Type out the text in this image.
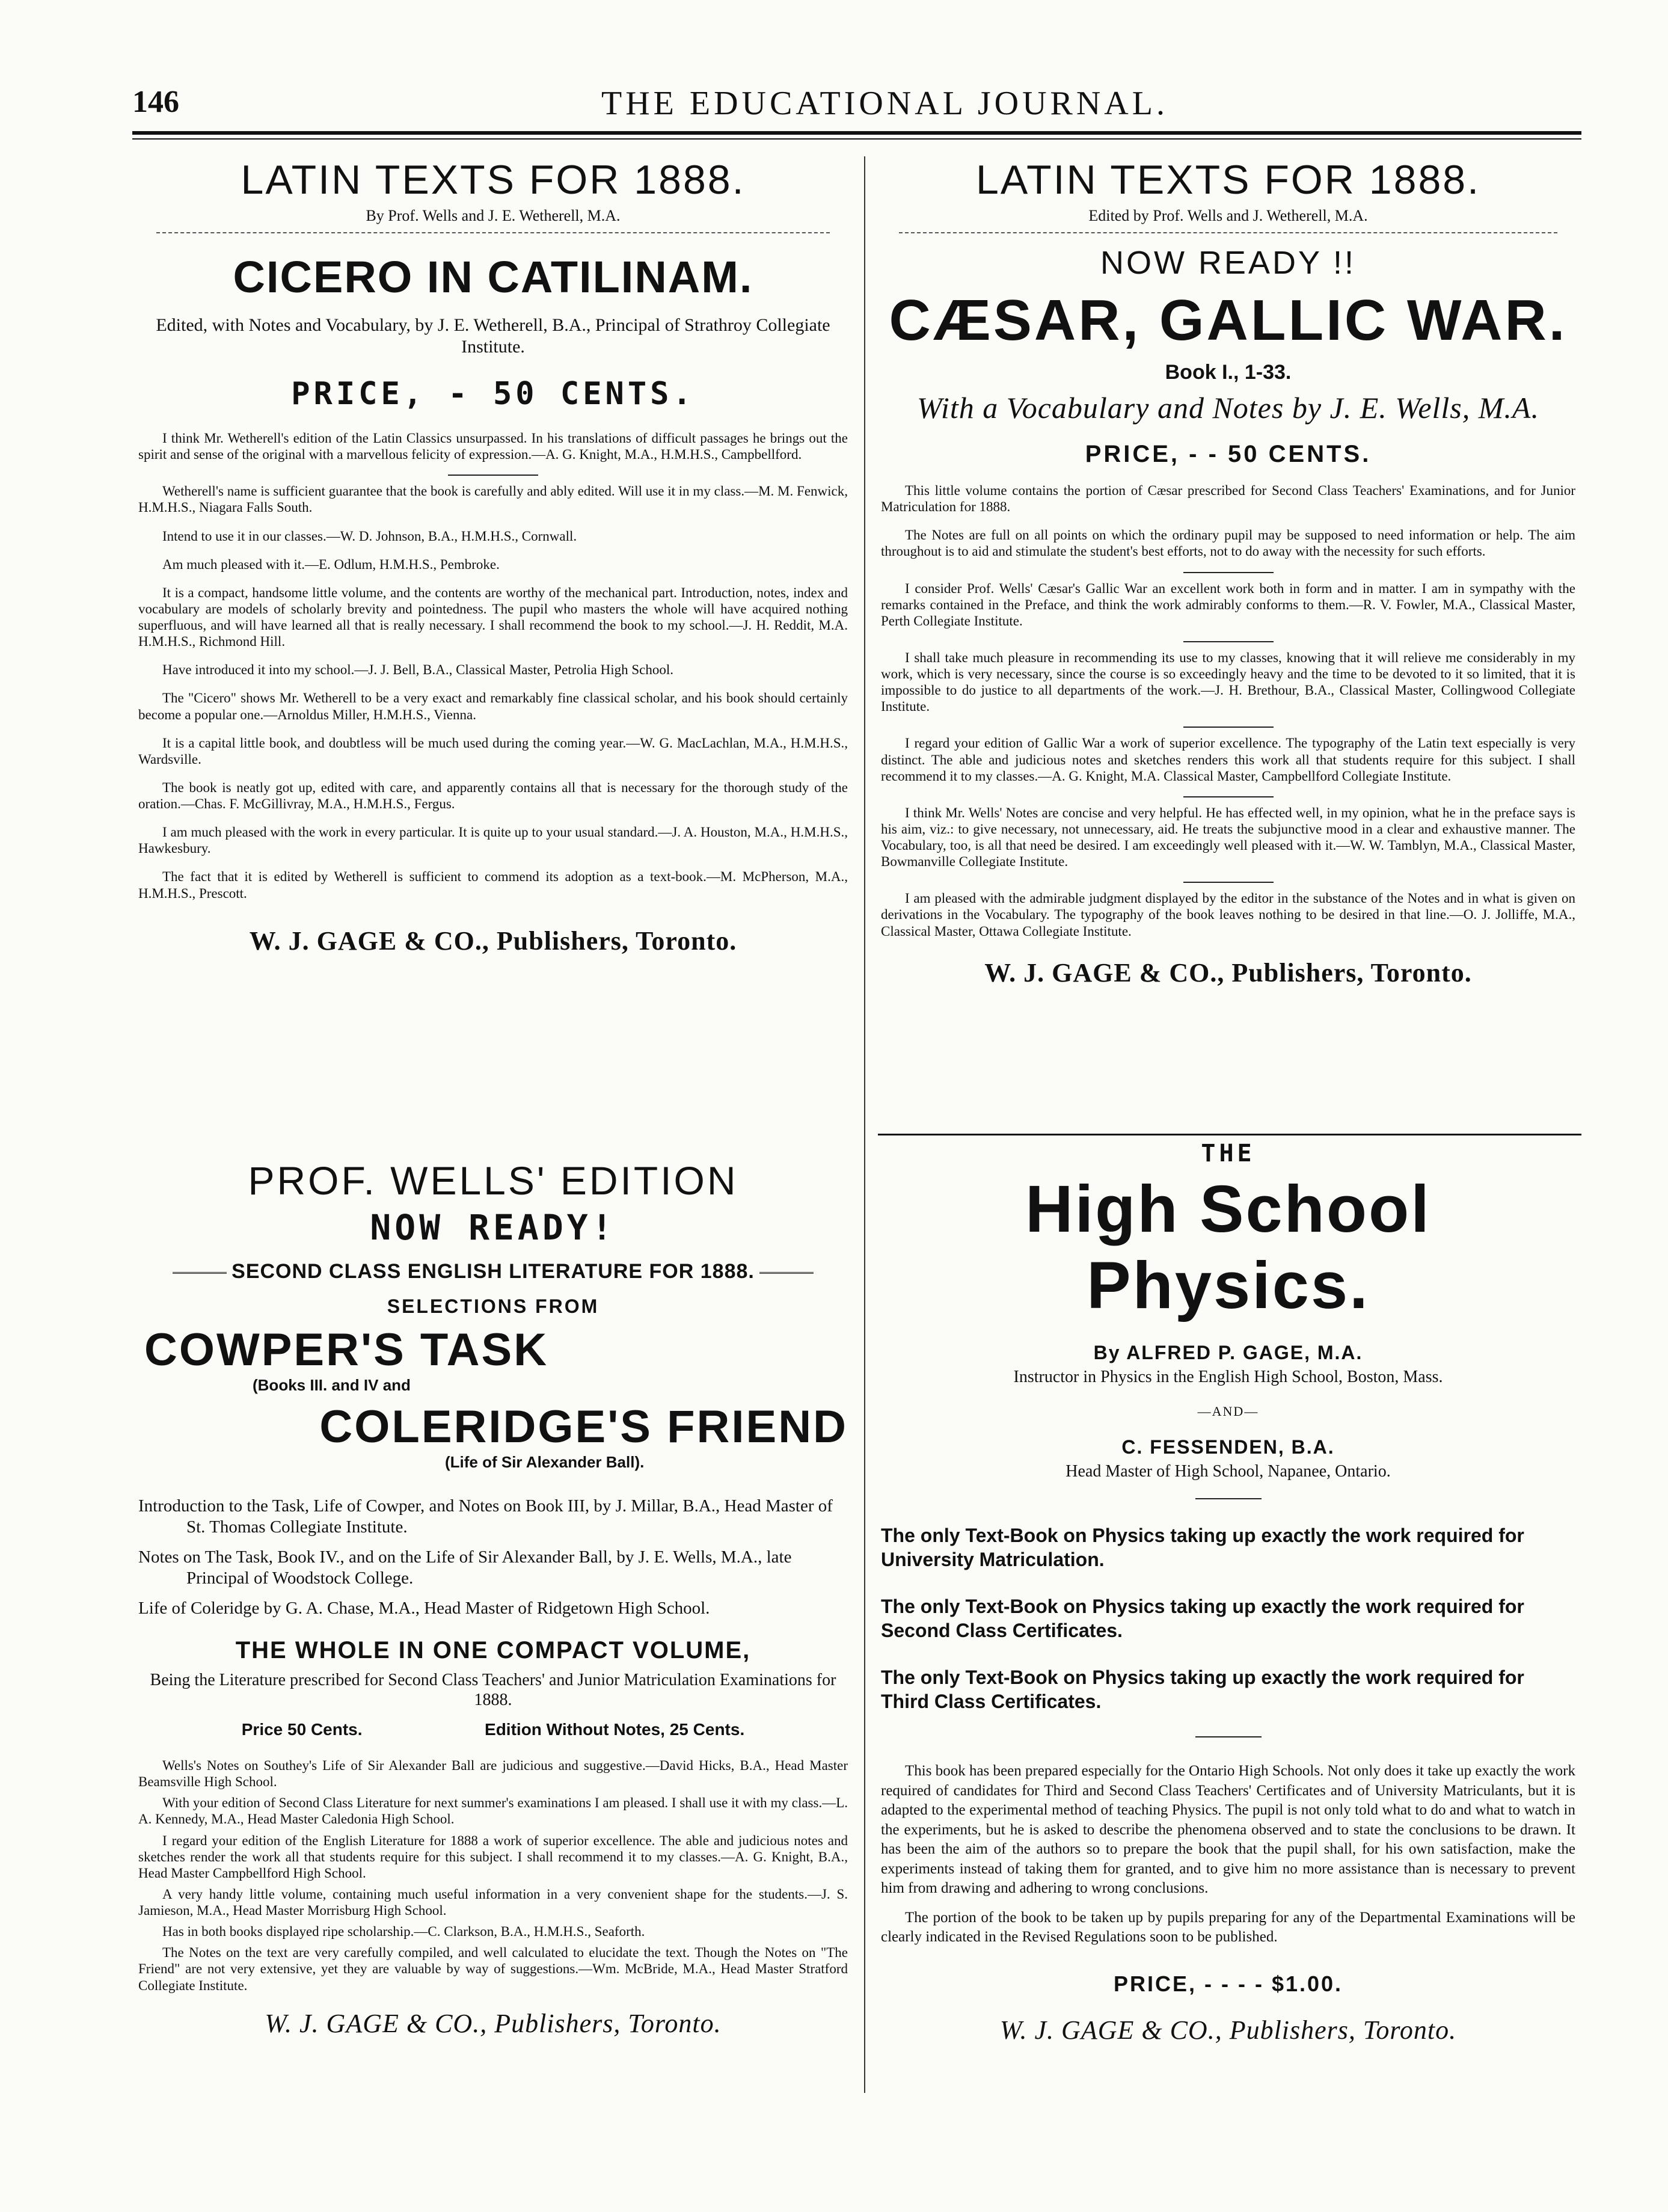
146	THE EDUCATIONAL JOURNAL.
LATIN TEXTS FOR 1888.
By Prof. Wells and J. E. Wetherell, M.A.
CICERO IN CATILINAM.
Edited, with Notes and Vocabulary, by J. E. Wetherell, B.A., Principal of Strathroy Collegiate Institute.
PRICE, - 50 CENTS.

I think Mr. Wetherell's edition of the Latin Classics unsurpassed. In his translations of difficult passages he brings out the spirit and sense of the original with a marvellous felicity of expression.—A. G. Knight, M.A., H.M.H.S., Campbellford.

Wetherell's name is sufficient guarantee that the book is carefully and ably edited. Will use it in my class.—M. M. Fenwick, H.M.H.S., Niagara Falls South.

Intend to use it in our classes.—W. D. Johnson, B.A., H.M.H.S., Cornwall.

Am much pleased with it.—E. Odlum, H.M.H.S., Pembroke.

It is a compact, handsome little volume, and the contents are worthy of the mechanical part. Introduction, notes, index and vocabulary are models of scholarly brevity and pointedness. The pupil who masters the whole will have acquired nothing superfluous, and will have learned all that is really necessary. I shall recommend the book to my school.—J. H. Reddit, M.A. H.M.H.S., Richmond Hill.

Have introduced it into my school.—J. J. Bell, B.A., Classical Master, Petrolia High School.

The "Cicero" shows Mr. Wetherell to be a very exact and remarkably fine classical scholar, and his book should certainly become a popular one.—Arnoldus Miller, H.M.H.S., Vienna.

It is a capital little book, and doubtless will be much used during the coming year.—W. G. MacLachlan, M.A., H.M.H.S., Wardsville.

The book is neatly got up, edited with care, and apparently contains all that is necessary for the thorough study of the oration.—Chas. F. McGillivray, M.A., H.M.H.S., Fergus.

I am much pleased with the work in every particular. It is quite up to your usual standard.—J. A. Houston, M.A., H.M.H.S., Hawkesbury.

The fact that it is edited by Wetherell is sufficient to commend its adoption as a text-book.—M. McPherson, M.A., H.M.H.S., Prescott.

W. J. GAGE & CO., Publishers, Toronto.
LATIN TEXTS FOR 1888.
Edited by Prof. Wells and J. Wetherell, M.A.
NOW READY !!
CÆSAR, GALLIC WAR.
Book I., 1-33.
With a Vocabulary and Notes by J. E. Wells, M.A.
PRICE, - - 50 CENTS.

This little volume contains the portion of Cæsar prescribed for Second Class Teachers' Examinations, and for Junior Matriculation for 1888.

The Notes are full on all points on which the ordinary pupil may be supposed to need information or help. The aim throughout is to aid and stimulate the student's best efforts, not to do away with the necessity for such efforts.

I consider Prof. Wells' Cæsar's Gallic War an excellent work both in form and in matter. I am in sympathy with the remarks contained in the Preface, and think the work admirably conforms to them.—R. V. Fowler, M.A., Classical Master, Perth Collegiate Institute.

I shall take much pleasure in recommending its use to my classes, knowing that it will relieve me considerably in my work, which is very necessary, since the course is so exceedingly heavy and the time to be devoted to it so limited, that it is impossible to do justice to all departments of the work.—J. H. Brethour, B.A., Classical Master, Collingwood Collegiate Institute.

I regard your edition of Gallic War a work of superior excellence. The typography of the Latin text especially is very distinct. The able and judicious notes and sketches renders this work all that students require for this subject. I shall recommend it to my classes.—A. G. Knight, M.A. Classical Master, Campbellford Collegiate Institute.

I think Mr. Wells' Notes are concise and very helpful. He has effected well, in my opinion, what he in the preface says is his aim, viz.: to give necessary, not unnecessary, aid. He treats the subjunctive mood in a clear and exhaustive manner. The Vocabulary, too, is all that need be desired. I am exceedingly well pleased with it.—W. W. Tamblyn, M.A., Classical Master, Bowmanville Collegiate Institute.

I am pleased with the admirable judgment displayed by the editor in the substance of the Notes and in what is given on derivations in the Vocabulary. The typography of the book leaves nothing to be desired in that line.—O. J. Jolliffe, M.A., Classical Master, Ottawa Collegiate Institute.

W. J. GAGE & CO., Publishers, Toronto.
PROF. WELLS' EDITION
NOW READY!
SECOND CLASS ENGLISH LITERATURE FOR 1888.
SELECTIONS FROM
COWPER'S TASK
(Books III. and IV and
COLERIDGE'S FRIEND
(Life of Sir Alexander Ball).

Introduction to the Task, Life of Cowper, and Notes on Book III, by J. Millar, B.A., Head Master of St. Thomas Collegiate Institute.

Notes on The Task, Book IV., and on the Life of Sir Alexander Ball, by J. E. Wells, M.A., late Principal of Woodstock College.

Life of Coleridge by G. A. Chase, M.A., Head Master of Ridgetown High School.

THE WHOLE IN ONE COMPACT VOLUME,
Being the Literature prescribed for Second Class Teachers' and Junior Matriculation Examinations for 1888.
Price 50 Cents.	Edition Without Notes, 25 Cents.

Wells's Notes on Southey's Life of Sir Alexander Ball are judicious and suggestive.—David Hicks, B.A., Head Master Beamsville High School.

With your edition of Second Class Literature for next summer's examinations I am pleased. I shall use it with my class.—L. A. Kennedy, M.A., Head Master Caledonia High School.

I regard your edition of the English Literature for 1888 a work of superior excellence. The able and judicious notes and sketches render the work all that students require for this subject. I shall recommend it to my classes.—A. G. Knight, B.A., Head Master Campbellford High School.

A very handy little volume, containing much useful information in a very convenient shape for the students.—J. S. Jamieson, M.A., Head Master Morrisburg High School.

Has in both books displayed ripe scholarship.—C. Clarkson, B.A., H.M.H.S., Seaforth.

The Notes on the text are very carefully compiled, and well calculated to elucidate the text. Though the Notes on "The Friend" are not very extensive, yet they are valuable by way of suggestions.—Wm. McBride, M.A., Head Master Stratford Collegiate Institute.

W. J. GAGE & CO., Publishers, Toronto.
THE
High School Physics.
By ALFRED P. GAGE, M.A.
Instructor in Physics in the English High School, Boston, Mass.
—AND—
C. FESSENDEN, B.A.
Head Master of High School, Napanee, Ontario.
The only Text-Book on Physics taking up exactly the work required for University Matriculation.
The only Text-Book on Physics taking up exactly the work required for Second Class Certificates.
The only Text-Book on Physics taking up exactly the work required for Third Class Certificates.

This book has been prepared especially for the Ontario High Schools. Not only does it take up exactly the work required of candidates for Third and Second Class Teachers' Certificates and of University Matriculants, but it is adapted to the experimental method of teaching Physics. The pupil is not only told what to do and what to watch in the experiments, but he is asked to describe the phenomena observed and to state the conclusions to be drawn. It has been the aim of the authors so to prepare the book that the pupil shall, for his own satisfaction, make the experiments instead of taking them for granted, and to give him no more assistance than is necessary to prevent him from drawing and adhering to wrong conclusions.

The portion of the book to be taken up by pupils preparing for any of the Departmental Examinations will be clearly indicated in the Revised Regulations soon to be published.

PRICE, - - - - $1.00.
W. J. GAGE & CO., Publishers, Toronto.
